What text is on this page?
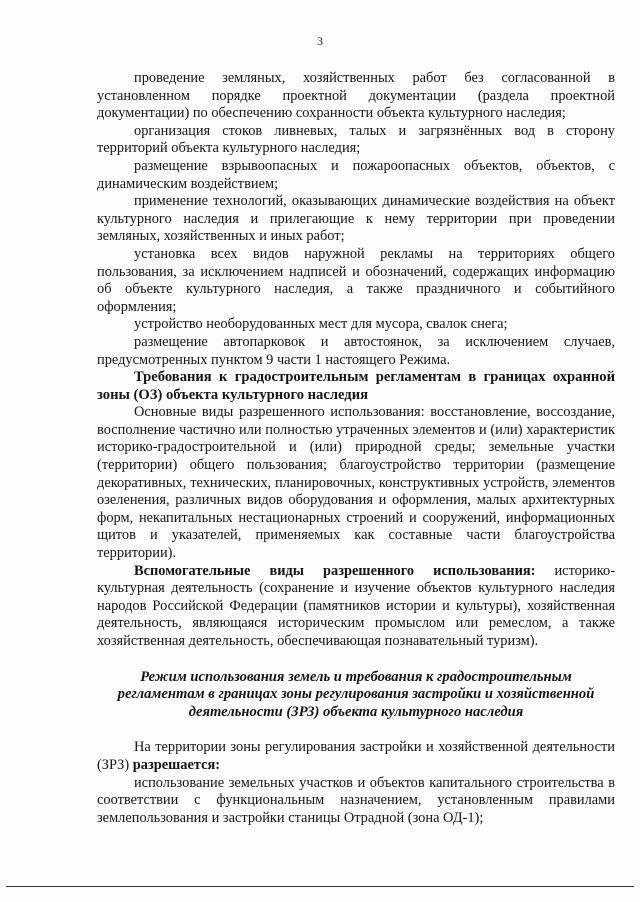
3

проведение земляных, хозяйственных работ без согласованной в установленном порядке проектной документации (раздела проектной документации) по обеспечению сохранности объекта культурного наследия;

организация стоков ливневых, талых и загрязнённых вод в сторону территорий объекта культурного наследия;

размещение взрывоопасных и пожароопасных объектов, объектов, с динамическим воздействием;

применение технологий, оказывающих динамические воздействия на объект культурного наследия и прилегающие к нему территории при проведении земляных, хозяйственных и иных работ;

установка всех видов наружной рекламы на территориях общего пользования, за исключением надписей и обозначений, содержащих информацию об объекте культурного наследия, а также праздничного и событийного оформления;

устройство необорудованных мест для мусора, свалок снега;

размещение автопарковок и автостоянок, за исключением случаев, предусмотренных пунктом 9 части 1 настоящего Режима.

Требования к градостроительным регламентам в границах охранной зоны (ОЗ) объекта культурного наследия

Основные виды разрешенного использования: восстановление, воссоздание, восполнение частично или полностью утраченных элементов и (или) характеристик историко-градостроительной и (или) природной среды; земельные участки (территории) общего пользования; благоустройство территории (размещение декоративных, технических, планировочных, конструктивных устройств, элементов озеленения, различных видов оборудования и оформления, малых архитектурных форм, некапитальных нестационарных строений и сооружений, информационных щитов и указателей, применяемых как составные части благоустройства территории).

Вспомогательные виды разрешенного использования: историко-культурная деятельность (сохранение и изучение объектов культурного наследия народов Российской Федерации (памятников истории и культуры), хозяйственная деятельность, являющаяся историческим промыслом или ремеслом, а также хозяйственная деятельность, обеспечивающая познавательный туризм).

Режим использования земель и требования к градостроительным регламентам в границах зоны регулирования застройки и хозяйственной деятельности (ЗРЗ) объекта культурного наследия

На территории зоны регулирования застройки и хозяйственной деятельности (ЗРЗ) разрешается:

использование земельных участков и объектов капитального строительства в соответствии с функциональным назначением, установленным правилами землепользования и застройки станицы Отрадной (зона ОД-1);
